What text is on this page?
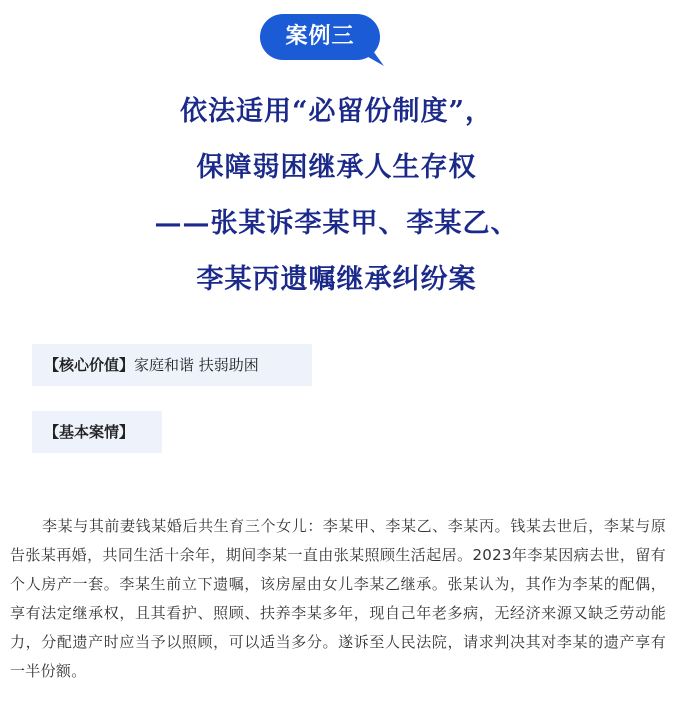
案例三
依法适用“必留份制度”，
保障弱困继承人生存权
——张某诉李某甲、李某乙、
李某丙遗嘱继承纠纷案
【核心价值】家庭和谐 扶弱助困
【基本案情】

李某与其前妻钱某婚后共生育三个女儿：李某甲、李某乙、李某丙。钱某去世后，李某与原告张某再婚，共同生活十余年，期间李某一直由张某照顾生活起居。2023年李某因病去世，留有个人房产一套。李某生前立下遗嘱，该房屋由女儿李某乙继承。张某认为，其作为李某的配偶，享有法定继承权，且其看护、照顾、扶养李某多年，现自己年老多病，无经济来源又缺乏劳动能力，分配遗产时应当予以照顾，可以适当多分。遂诉至人民法院，请求判决其对李某的遗产享有一半份额。
